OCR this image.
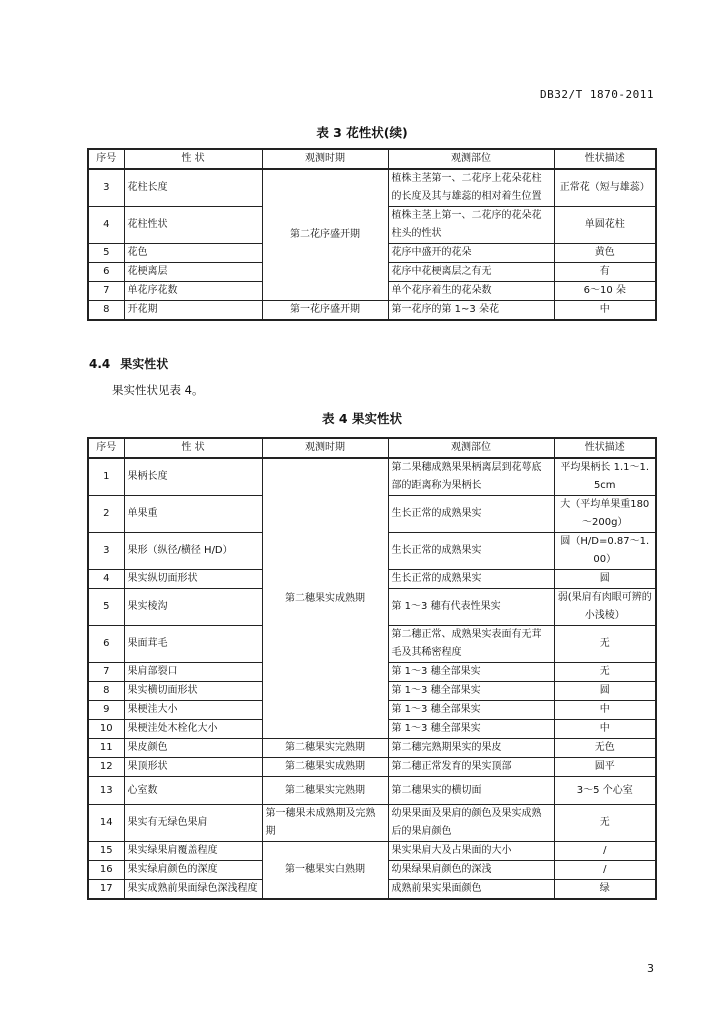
DB32/T 1870-2011
表 3 花性状(续)
序号	性 状	观测时期	观测部位	性状描述
3	花柱长度	第二花序盛开期	植株主茎第一、二花序上花朵花柱的长度及其与雄蕊的相对着生位置	正常花（短与雄蕊）
4	花柱性状		植株主茎上第一、二花序的花朵花柱头的性状	单圆花柱
5	花色		花序中盛开的花朵	黄色
6	花梗离层		花序中花梗离层之有无	有
7	单花序花数		单个花序着生的花朵数	6～10 朵
8	开花期	第一花序盛开期	第一花序的第 1~3 朵花	中
4.4 果实性状
果实性状见表 4。
表 4 果实性状
序号	性 状	观测时期	观测部位	性状描述
1	果柄长度	第二穗果实成熟期	第二果穗成熟果果柄离层到花萼底部的距离称为果柄长	平均果柄长 1.1～1.5cm
2	单果重		生长正常的成熟果实	大（平均单果重180～200g）
3	果形（纵径/横径 H/D）		生长正常的成熟果实	圆（H/D=0.87～1.00）
4	果实纵切面形状		生长正常的成熟果实	圆
5	果实棱沟		第 1～3 穗有代表性果实	弱(果肩有肉眼可辨的小浅棱）
6	果面茸毛		第二穗正常、成熟果实表面有无茸毛及其稀密程度	无
7	果肩部裂口		第 1～3 穗全部果实	无
8	果实横切面形状		第 1～3 穗全部果实	圆
9	果梗洼大小		第 1～3 穗全部果实	中
10	果梗洼处木栓化大小		第 1～3 穗全部果实	中
11	果皮颜色	第二穗果实完熟期	第二穗完熟期果实的果皮	无色
12	果顶形状	第二穗果实成熟期	第二穗正常发育的果实顶部	圆平
13	心室数	第二穗果实完熟期	第二穗果实的横切面	3～5 个心室
14	果实有无绿色果肩	第一穗果未成熟期及完熟期	幼果果面及果肩的颜色及果实成熟后的果肩颜色	无
15	果实绿果肩覆盖程度	第一穗果实白熟期	果实果肩大及占果面的大小	/
16	果实绿肩颜色的深度		幼果绿果肩颜色的深浅	/
17	果实成熟前果面绿色深浅程度		成熟前果实果面颜色	绿
3
